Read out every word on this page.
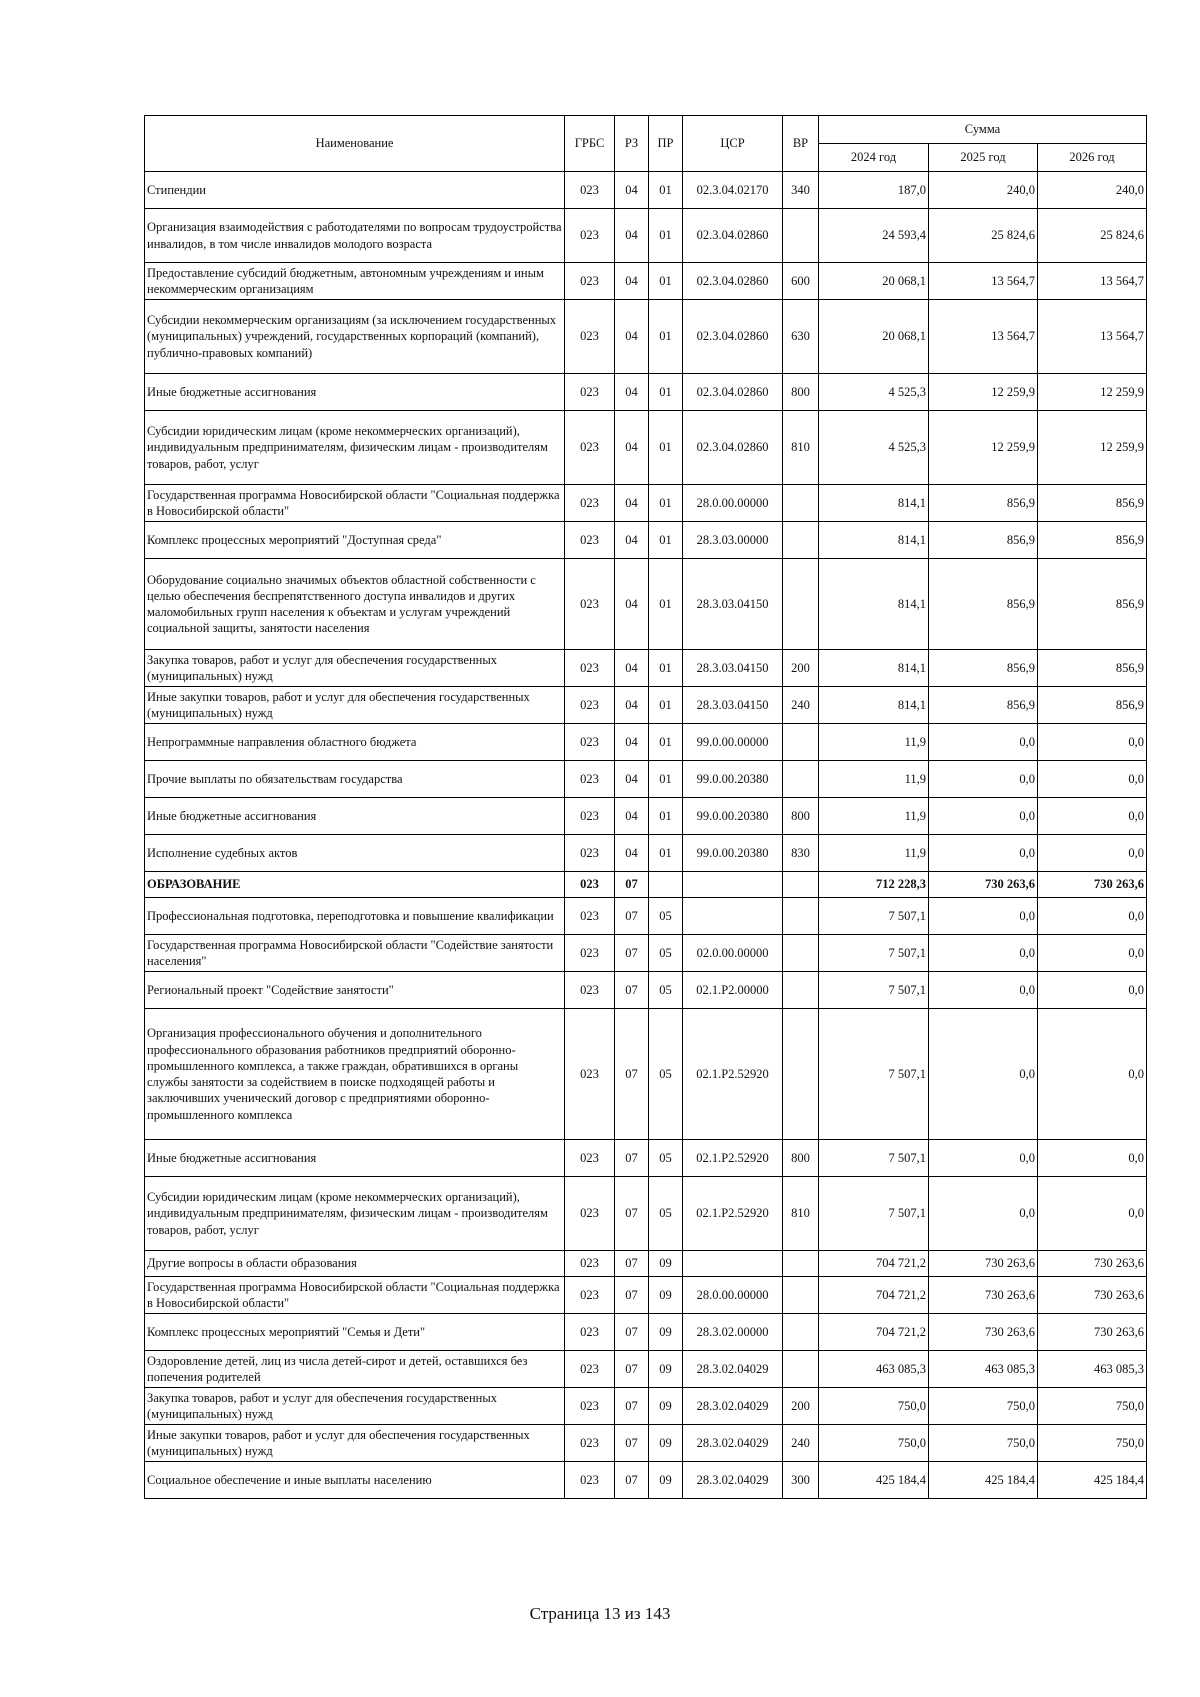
Наименование	ГРБС	РЗ	ПР	ЦСР	ВР	Сумма		
						2024 год	2025 год	2026 год
Стипендии	023	04	01	02.3.04.02170	340	187,0	240,0	240,0
Организация взаимодействия с работодателями по вопросам трудоустройства инвалидов, в том числе инвалидов молодого возраста	023	04	01	02.3.04.02860		24 593,4	25 824,6	25 824,6
Предоставление субсидий бюджетным, автономным учреждениям и иным некоммерческим организациям	023	04	01	02.3.04.02860	600	20 068,1	13 564,7	13 564,7
Субсидии некоммерческим организациям (за исключением государственных (муниципальных) учреждений, государственных корпораций (компаний), публично-правовых компаний)	023	04	01	02.3.04.02860	630	20 068,1	13 564,7	13 564,7
Иные бюджетные ассигнования	023	04	01	02.3.04.02860	800	4 525,3	12 259,9	12 259,9
Субсидии юридическим лицам (кроме некоммерческих организаций), индивидуальным предпринимателям, физическим лицам - производителям товаров, работ, услуг	023	04	01	02.3.04.02860	810	4 525,3	12 259,9	12 259,9
Государственная программа Новосибирской области "Социальная поддержка в Новосибирской области"	023	04	01	28.0.00.00000		814,1	856,9	856,9
Комплекс процессных мероприятий "Доступная среда"	023	04	01	28.3.03.00000		814,1	856,9	856,9
Оборудование социально значимых объектов областной собственности с целью обеспечения беспрепятственного доступа инвалидов и других маломобильных групп населения к объектам и услугам учреждений социальной защиты, занятости населения	023	04	01	28.3.03.04150		814,1	856,9	856,9
Закупка товаров, работ и услуг для обеспечения государственных (муниципальных) нужд	023	04	01	28.3.03.04150	200	814,1	856,9	856,9
Иные закупки товаров, работ и услуг для обеспечения государственных (муниципальных) нужд	023	04	01	28.3.03.04150	240	814,1	856,9	856,9
Непрограммные направления областного бюджета	023	04	01	99.0.00.00000		11,9	0,0	0,0
Прочие выплаты по обязательствам государства	023	04	01	99.0.00.20380		11,9	0,0	0,0
Иные бюджетные ассигнования	023	04	01	99.0.00.20380	800	11,9	0,0	0,0
Исполнение судебных актов	023	04	01	99.0.00.20380	830	11,9	0,0	0,0
ОБРАЗОВАНИЕ	023	07				712 228,3	730 263,6	730 263,6
Профессиональная подготовка, переподготовка и повышение квалификации	023	07	05			7 507,1	0,0	0,0
Государственная программа Новосибирской области "Содействие занятости населения"	023	07	05	02.0.00.00000		7 507,1	0,0	0,0
Региональный проект "Содействие занятости"	023	07	05	02.1.P2.00000		7 507,1	0,0	0,0
Организация профессионального обучения и дополнительного профессионального образования работников предприятий оборонно-промышленного комплекса, а также граждан, обратившихся в органы службы занятости за содействием в поиске подходящей работы и заключивших ученический договор с предприятиями оборонно-промышленного комплекса	023	07	05	02.1.P2.52920		7 507,1	0,0	0,0
Иные бюджетные ассигнования	023	07	05	02.1.P2.52920	800	7 507,1	0,0	0,0
Субсидии юридическим лицам (кроме некоммерческих организаций), индивидуальным предпринимателям, физическим лицам - производителям товаров, работ, услуг	023	07	05	02.1.P2.52920	810	7 507,1	0,0	0,0
Другие вопросы в области образования	023	07	09			704 721,2	730 263,6	730 263,6
Государственная программа Новосибирской области "Социальная поддержка в Новосибирской области"	023	07	09	28.0.00.00000		704 721,2	730 263,6	730 263,6
Комплекс процессных мероприятий "Семья и Дети"	023	07	09	28.3.02.00000		704 721,2	730 263,6	730 263,6
Оздоровление детей, лиц из числа детей-сирот и детей, оставшихся без попечения родителей	023	07	09	28.3.02.04029		463 085,3	463 085,3	463 085,3
Закупка товаров, работ и услуг для обеспечения государственных (муниципальных) нужд	023	07	09	28.3.02.04029	200	750,0	750,0	750,0
Иные закупки товаров, работ и услуг для обеспечения государственных (муниципальных) нужд	023	07	09	28.3.02.04029	240	750,0	750,0	750,0
Социальное обеспечение и иные выплаты населению	023	07	09	28.3.02.04029	300	425 184,4	425 184,4	425 184,4
Страница 13 из 143
